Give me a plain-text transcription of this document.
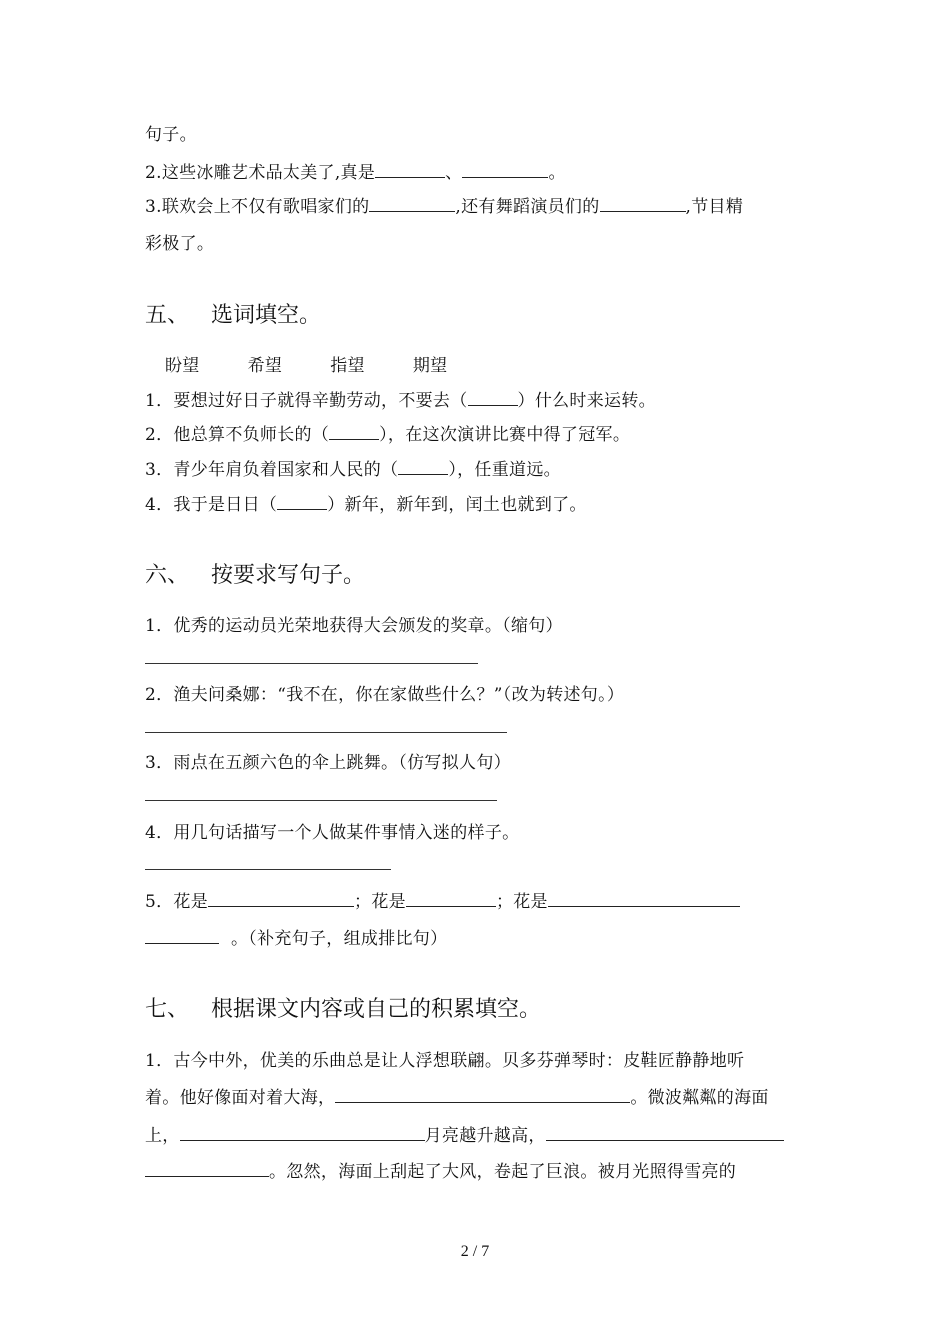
句子。
2.这些冰雕艺术品太美了,真是	、	。
3.联欢会上不仅有歌唱家们的	,还有舞蹈演员们的	,节目精
彩极了。
五、 选词填空。
盼望	希望	指望	期望
1．要想过好日子就得辛勤劳动，不要去（	）什么时来运转。
2．他总算不负师长的（	），在这次演讲比赛中得了冠军。
3．青少年肩负着国家和人民的（	），任重道远。
4．我于是日日（	）新年，新年到，闰土也就到了。
六、 按要求写句子。
1．优秀的运动员光荣地获得大会颁发的奖章。（缩句）
2．渔夫问桑娜：“我不在，你在家做些什么？”（改为转述句。）
3．雨点在五颜六色的伞上跳舞。（仿写拟人句）
4．用几句话描写一个人做某件事情入迷的样子。
5．花是	；花是	；花是
。（补充句子，组成排比句）
七、 根据课文内容或自己的积累填空。
1．古今中外，优美的乐曲总是让人浮想联翩。贝多芬弹琴时：皮鞋匠静静地听
着。他好像面对着大海，	。微波粼粼的海面
上，	月亮越升越高，
。忽然，海面上刮起了大风，卷起了巨浪。被月光照得雪亮的
2 / 7
